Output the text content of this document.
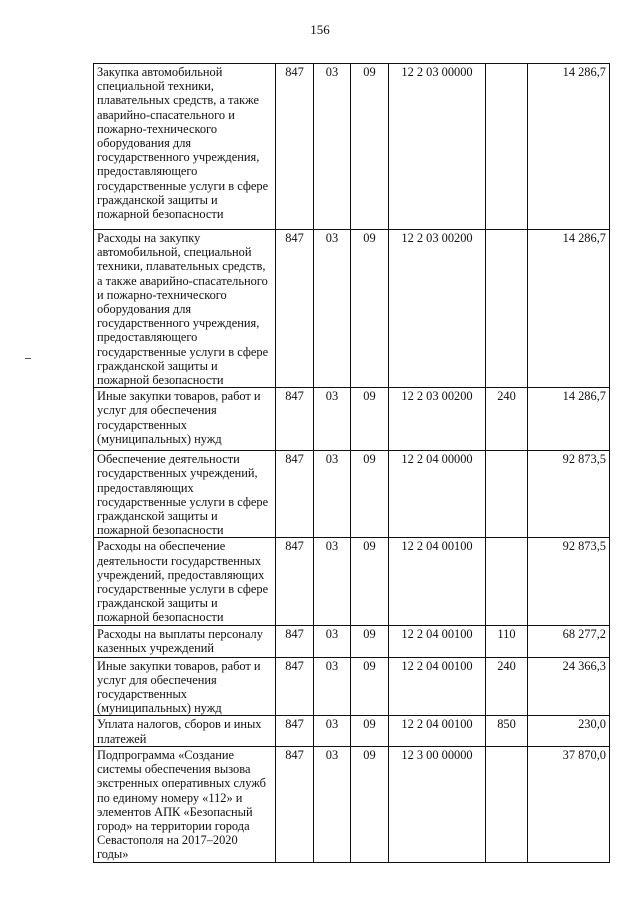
156
Закупка автомобильной специальной техники, плавательных средств, а также аварийно-спасательного и пожарно-технического оборудования для государственного учреждения, предоставляющего государственные услуги в сфере гражданской защиты и пожарной безопасности	847	03	09	12 2 03 00000		14 286,7
Расходы на закупку автомобильной, специальной техники, плавательных средств, а также аварийно-спасательного и пожарно-технического оборудования для государственного учреждения, предоставляющего государственные услуги в сфере гражданской защиты и пожарной безопасности	847	03	09	12 2 03 00200		14 286,7
Иные закупки товаров, работ и услуг для обеспечения государственных (муниципальных) нужд	847	03	09	12 2 03 00200	240	14 286,7
Обеспечение деятельности государственных учреждений, предоставляющих государственные услуги в сфере гражданской защиты и пожарной безопасности	847	03	09	12 2 04 00000		92 873,5
Расходы на обеспечение деятельности государственных учреждений, предоставляющих государственные услуги в сфере гражданской защиты и пожарной безопасности	847	03	09	12 2 04 00100		92 873,5
Расходы на выплаты персоналу казенных учреждений	847	03	09	12 2 04 00100	110	68 277,2
Иные закупки товаров, работ и услуг для обеспечения государственных (муниципальных) нужд	847	03	09	12 2 04 00100	240	24 366,3
Уплата налогов, сборов и иных платежей	847	03	09	12 2 04 00100	850	230,0
Подпрограмма «Создание системы обеспечения вызова экстренных оперативных служб по единому номеру «112» и элементов АПК «Безопасный город» на территории города Севастополя на 2017–2020 годы»	847	03	09	12 3 00 00000		37 870,0
